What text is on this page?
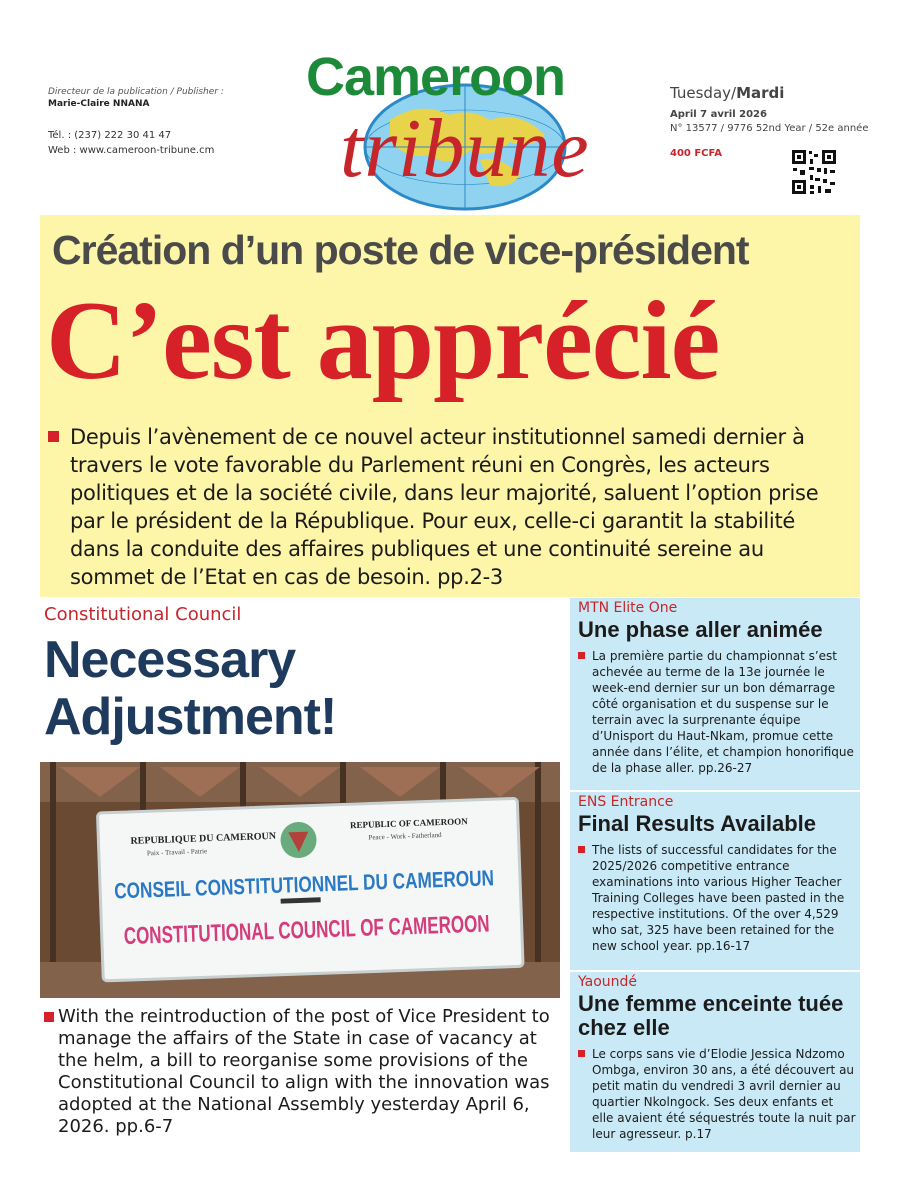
Directeur de la publication / Publisher :
Marie-Claire NNANA
Tél. : (237) 222 30 41 47
Web : www.cameroon-tribune.cm
Cameroon
tribune
Tuesday/Mardi
April 7 avril 2026
N° 13577 / 9776 52nd Year / 52e année
400 FCFA
Création d’un poste de vice-président
C’est apprécié
Depuis l’avènement de ce nouvel acteur institutionnel samedi dernier à travers le vote favorable du Parlement réuni en Congrès, les acteurs politiques et de la société civile, dans leur majorité, saluent l’option prise par le président de la République. Pour eux, celle-ci garantit la stabilité dans la conduite des affaires publiques et une continuité sereine au sommet de l’Etat en cas de besoin. pp.2-3
Constitutional Council
Necessary Adjustment!
REPUBLIQUE DU CAMEROUN
Paix - Travail - Patrie
REPUBLIC OF CAMEROON
Peace - Work - Fatherland
CONSEIL CONSTITUTIONNEL DU CAMEROUN
CONSTITUTIONAL COUNCIL OF CAMEROON
With the reintroduction of the post of Vice President to manage the affairs of the State in case of vacancy at the helm, a bill to reorganise some provisions of the Constitutional Council to align with the innovation was adopted at the National Assembly yesterday April 6, 2026. pp.6-7
MTN Elite One
Une phase aller animée
La première partie du championnat s’est achevée au terme de la 13e journée le week-end dernier sur un bon démarrage côté organisation et du suspense sur le terrain avec la surprenante équipe d’Unisport du Haut-Nkam, promue cette année dans l’élite, et champion honorifique de la phase aller. pp.26-27
ENS Entrance
Final Results Available
The lists of successful candidates for the 2025/2026 competitive entrance examinations into various Higher Teacher Training Colleges have been pasted in the respective institutions. Of the over 4,529 who sat, 325 have been retained for the new school year. pp.16-17
Yaoundé
Une femme enceinte tuée chez elle
Le corps sans vie d’Elodie Jessica Ndzomo Ombga, environ 30 ans, a été découvert au petit matin du vendredi 3 avril dernier au quartier Nkolngock. Ses deux enfants et elle avaient été séquestrés toute la nuit par leur agresseur. p.17
